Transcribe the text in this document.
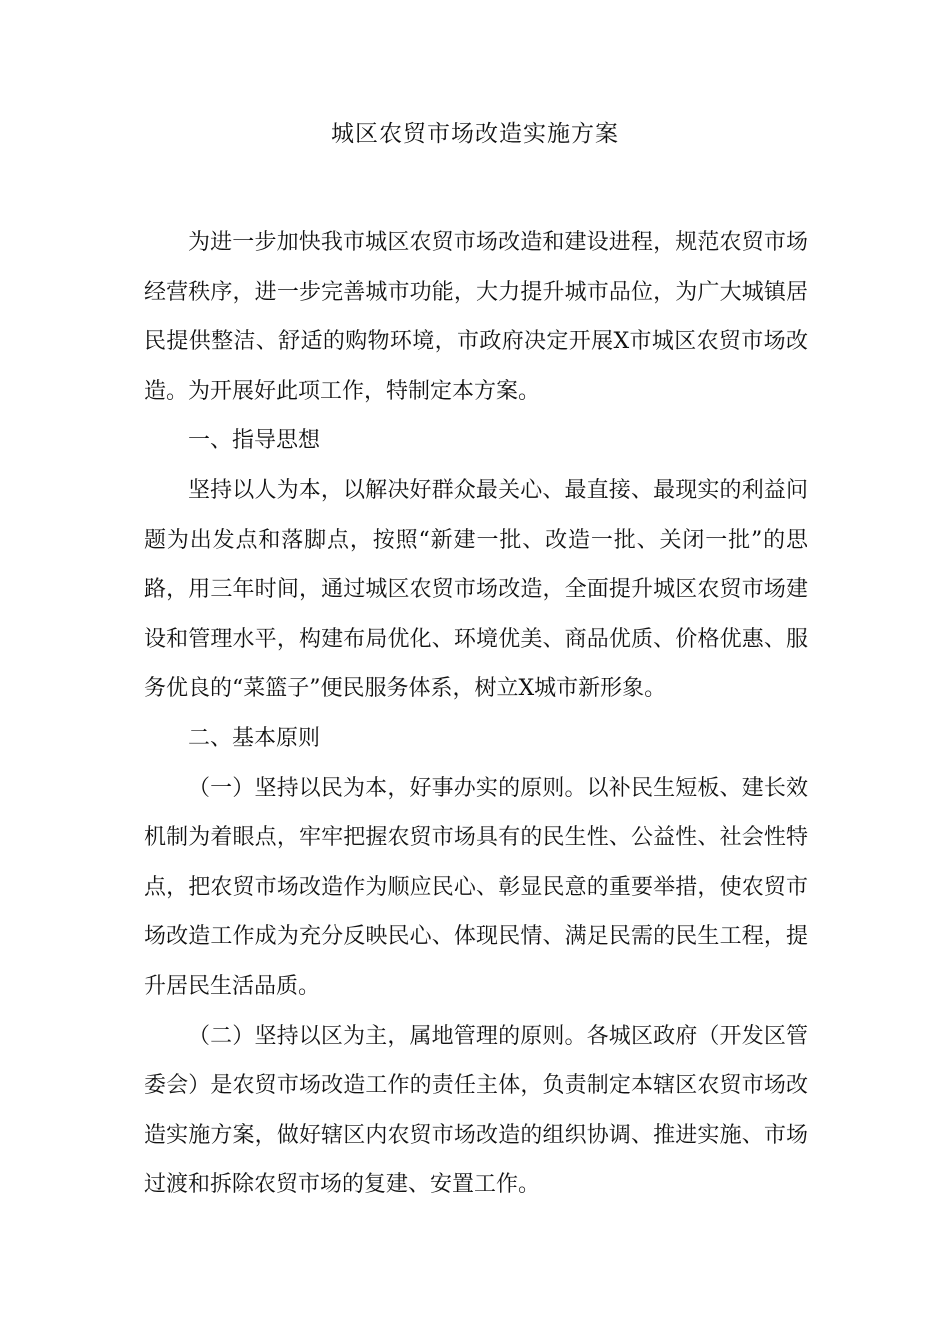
城区农贸市场改造实施方案

为进一步加快我市城区农贸市场改造和建设进程，规范农贸市场经营秩序，进一步完善城市功能，大力提升城市品位，为广大城镇居民提供整洁、舒适的购物环境，市政府决定开展X市城区农贸市场改造。为开展好此项工作，特制定本方案。

一、指导思想

坚持以人为本，以解决好群众最关心、最直接、最现实的利益问题为出发点和落脚点，按照“新建一批、改造一批、关闭一批”的思路，用三年时间，通过城区农贸市场改造，全面提升城区农贸市场建设和管理水平，构建布局优化、环境优美、商品优质、价格优惠、服务优良的“菜篮子”便民服务体系，树立X城市新形象。

二、基本原则

（一）坚持以民为本，好事办实的原则。以补民生短板、建长效机制为着眼点，牢牢把握农贸市场具有的民生性、公益性、社会性特点，把农贸市场改造作为顺应民心、彰显民意的重要举措，使农贸市场改造工作成为充分反映民心、体现民情、满足民需的民生工程，提升居民生活品质。

（二）坚持以区为主，属地管理的原则。各城区政府（开发区管委会）是农贸市场改造工作的责任主体，负责制定本辖区农贸市场改造实施方案，做好辖区内农贸市场改造的组织协调、推进实施、市场过渡和拆除农贸市场的复建、安置工作。
